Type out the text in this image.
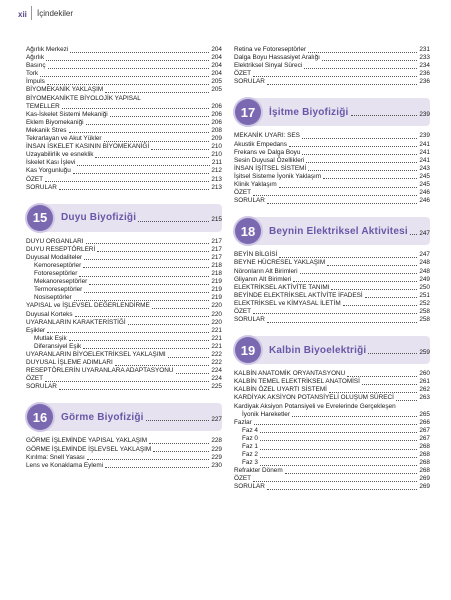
xii İçindekiler
Ağırlık Merkezi	204
Ağırlık	204
Basınç	204
Tork	204
İmpuls	205
BİYOMEKANİK YAKLAŞIM	205
BİYOMEKANİKTE BİYOLOJİK YAPISAL
TEMELLER	206
Kas-İskelet Sistemi Mekaniği	206
Eklem Biyomekaniği	206
Mekanik Stres	208
Tekrarlayan ve Akut Yükler	209
İNSAN İSKELET KASININ BİYOMEKANİĞİ	210
Uzayabilirlik ve esneklik	210
İskelet Kası İşlevi	211
Kas Yorgunluğu	212
ÖZET	213
SORULAR	213
15	Duyu Biyofiziği	215
DUYU ORGANLARI	217
DUYU RESEPTÖRLERİ	217
Duyusal Modaliteler	217
Kemoreseptörler	218
Fotoreseptörler	218
Mekanoreseptörler	219
Termoreseptörler	219
Nosiseptörler	219
YAPISAL ve İŞLEVSEL DEĞERLENDİRME	220
Duyusal Korteks	220
UYARANLARIN KARAKTERİSTİĞİ	220
Eşikler	221
Mutlak Eşik	221
Diferansiyel Eşik	221
UYARANLARIN BİYOELEKTRİKSEL YAKLAŞIMI	222
DUYUSAL İŞLEME ADIMLARI	222
RESEPTÖRLERİN UYARANLARA ADAPTASYONU	224
ÖZET	224
SORULAR	225
16	Görme Biyofiziği	227
GÖRME İŞLEMİNDE YAPISAL YAKLAŞIM	228
GÖRME İŞLEMİNDE İŞLEVSEL YAKLAŞIM	229
Kırılma: Snell Yasası	229
Lens ve Konaklama Eylemi	230
Retina ve Fotoreseptörler	231
Dalga Boyu Hassasiyet Aralığı	233
Elektriksel Sinyal Süreci	234
ÖZET	236
SORULAR	236
17	İşitme Biyofiziği	239
MEKANİK UYARI: SES	239
Akustik Empedans	241
Frekans ve Dalga Boyu	241
Sesin Duyusal Özellikleri	241
İNSAN İŞİTSEL SİSTEMİ	243
İşitsel Sisteme İyonik Yaklaşım	245
Klinik Yaklaşım	245
ÖZET	246
SORULAR	246
18	Beynin Elektriksel Aktivitesi 247
BEYİN BİLGİSİ	247
BEYNE HÜCRESEL YAKLAŞIM	248
Nöronların Alt Birimleri	248
Gliyanın Alt Birimleri	249
ELEKTRİKSEL AKTİVİTE TANIMI	250
BEYİNDE ELEKTRİKSEL AKTİVİTE İFADESİ	251
ELEKTRİKSEL ve KİMYASAL İLETİM	252
ÖZET	258
SORULAR	258
19	Kalbin Biyoelektriği	259
KALBİN ANATOMİK ORYANTASYONU	260
KALBİN TEMEL ELEKTRİKSEL ANATOMİSİ	261
KALBİN ÖZEL UYARTI SİSTEMİ	262
KARDİYAK AKSİYON POTANSİYELİ OLUŞUM SÜRECİ	263
Kardiyak Aksiyon Potansiyeli ve Evrelerinde Gerçekleşen
İyonik Hareketler	265
Fazlar	266
Faz 4	267
Faz 0	267
Faz 1	268
Faz 2	268
Faz 3	268
Refrakter Dönem	268
ÖZET	269
SORULAR	269
